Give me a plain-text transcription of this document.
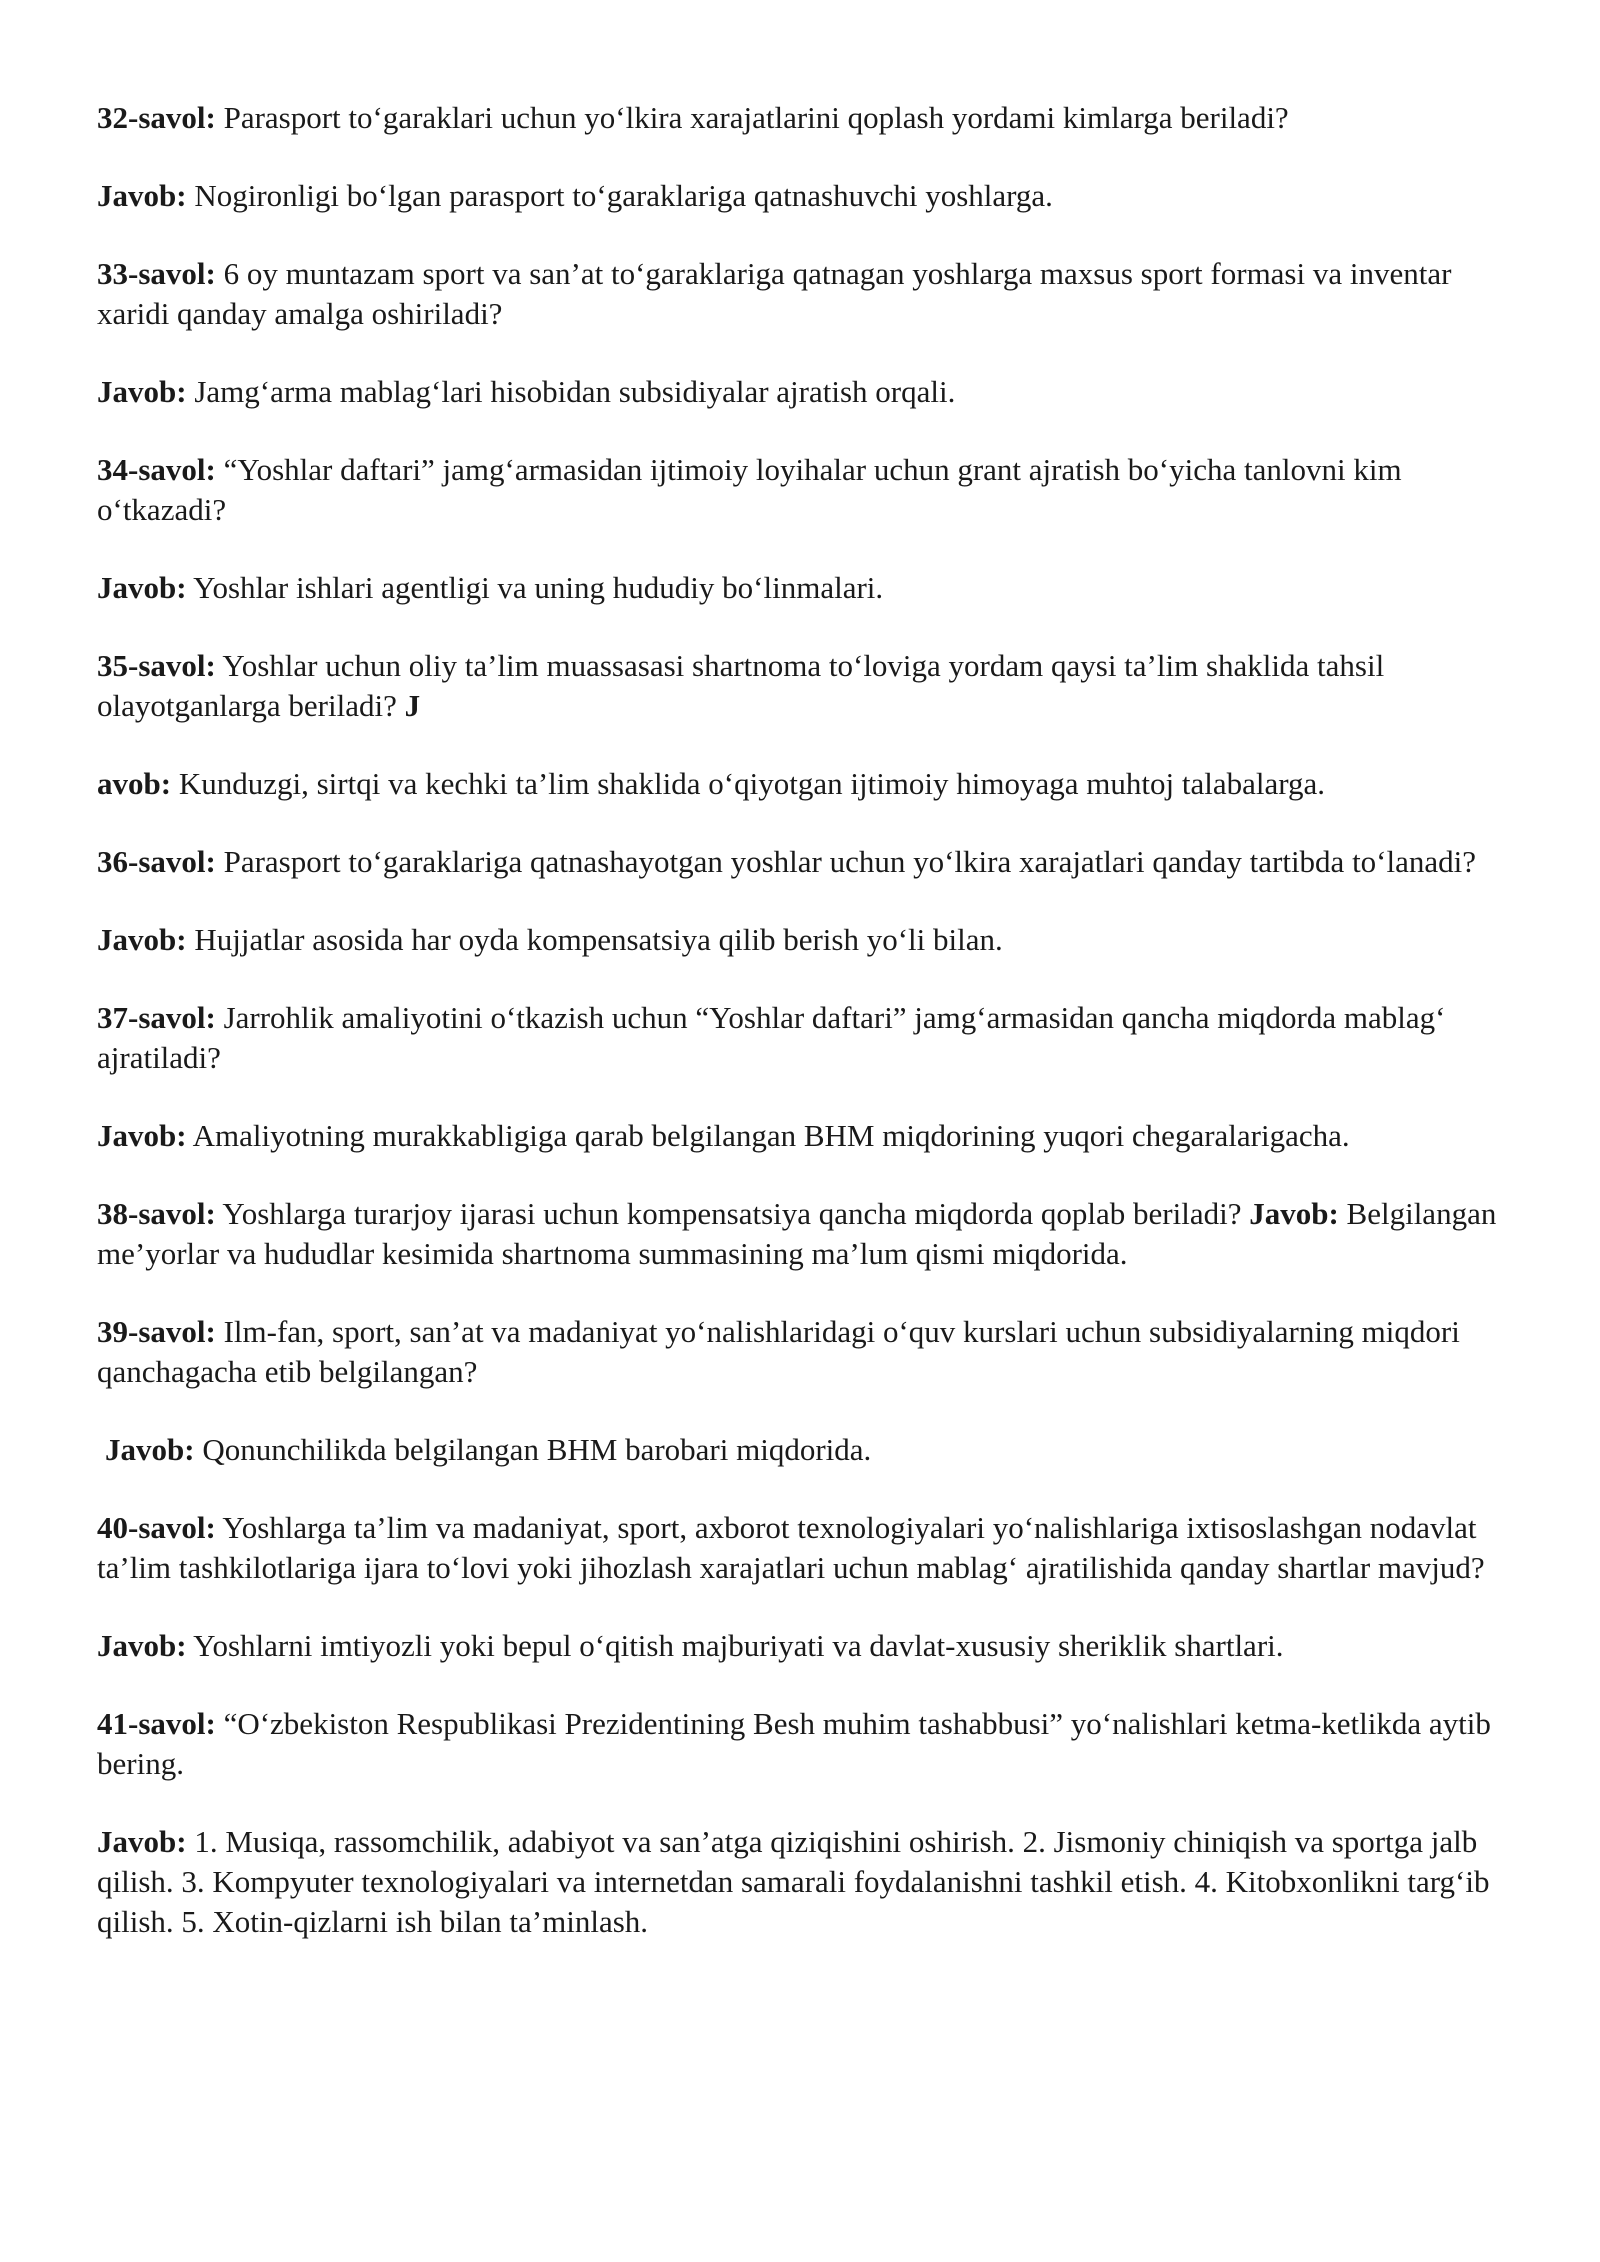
32-savol: Parasport to‘garaklari uchun yo‘lkira xarajatlarini qoplash yordami kimlarga beriladi?

Javob: Nogironligi bo‘lgan parasport to‘garaklariga qatnashuvchi yoshlarga.

33-savol: 6 oy muntazam sport va san’at to‘garaklariga qatnagan yoshlarga maxsus sport formasi va inventar xaridi qanday amalga oshiriladi?

Javob: Jamg‘arma mablag‘lari hisobidan subsidiyalar ajratish orqali.

34-savol: “Yoshlar daftari” jamg‘armasidan ijtimoiy loyihalar uchun grant ajratish bo‘yicha tanlovni kim o‘tkazadi?

Javob: Yoshlar ishlari agentligi va uning hududiy bo‘linmalari.

35-savol: Yoshlar uchun oliy ta’lim muassasasi shartnoma to‘loviga yordam qaysi ta’lim shaklida tahsil olayotganlarga beriladi? J

avob: Kunduzgi, sirtqi va kechki ta’lim shaklida o‘qiyotgan ijtimoiy himoyaga muhtoj talabalarga.

36-savol: Parasport to‘garaklariga qatnashayotgan yoshlar uchun yo‘lkira xarajatlari qanday tartibda to‘lanadi?

Javob: Hujjatlar asosida har oyda kompensatsiya qilib berish yo‘li bilan.

37-savol: Jarrohlik amaliyotini o‘tkazish uchun “Yoshlar daftari” jamg‘armasidan qancha miqdorda mablag‘ ajratiladi?

Javob: Amaliyotning murakkabligiga qarab belgilangan BHM miqdorining yuqori chegaralarigacha.

38-savol: Yoshlarga turarjoy ijarasi uchun kompensatsiya qancha miqdorda qoplab beriladi? Javob: Belgilangan me’yorlar va hududlar kesimida shartnoma summasining ma’lum qismi miqdorida.

39-savol: Ilm-fan, sport, san’at va madaniyat yo‘nalishlaridagi o‘quv kurslari uchun subsidiyalarning miqdori qanchagacha etib belgilangan?

Javob: Qonunchilikda belgilangan BHM barobari miqdorida.

40-savol: Yoshlarga ta’lim va madaniyat, sport, axborot texnologiyalari yo‘nalishlariga ixtisoslashgan nodavlat ta’lim tashkilotlariga ijara to‘lovi yoki jihozlash xarajatlari uchun mablag‘ ajratilishida qanday shartlar mavjud?

Javob: Yoshlarni imtiyozli yoki bepul o‘qitish majburiyati va davlat-xususiy sheriklik shartlari.

41-savol: “O‘zbekiston Respublikasi Prezidentining Besh muhim tashabbusi” yo‘nalishlari ketma-ketlikda aytib bering.

Javob: 1. Musiqa, rassomchilik, adabiyot va san’atga qiziqishini oshirish. 2. Jismoniy chiniqish va sportga jalb qilish. 3. Kompyuter texnologiyalari va internetdan samarali foydalanishni tashkil etish. 4. Kitobxonlikni targ‘ib qilish. 5. Xotin-qizlarni ish bilan ta’minlash.
